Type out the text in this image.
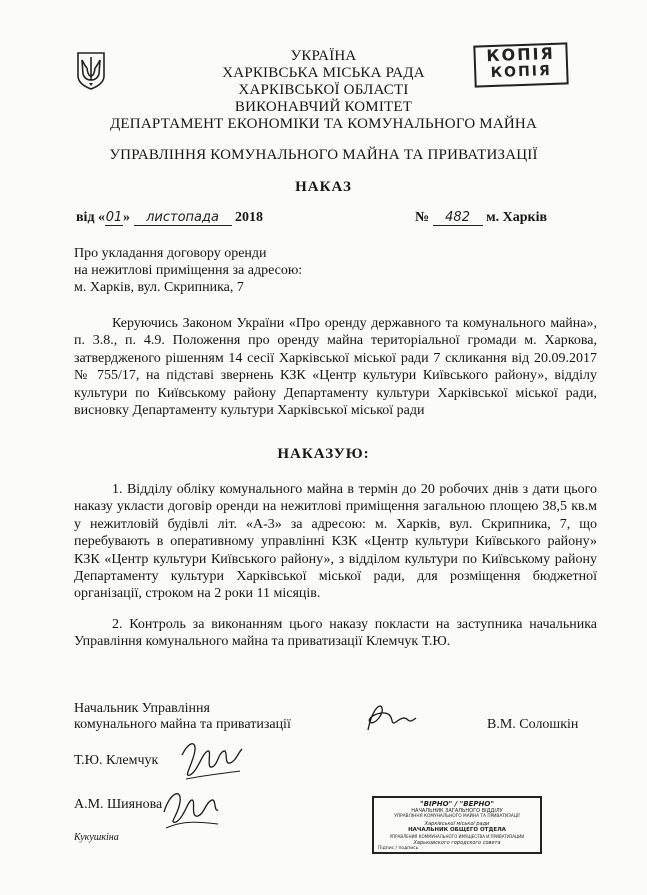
УКРАЇНА
ХАРКІВСЬКА МІСЬКА РАДА
ХАРКІВСЬКОЇ ОБЛАСТІ
ВИКОНАВЧИЙ КОМІТЕТ
ДЕПАРТАМЕНТ ЕКОНОМІКИ ТА КОМУНАЛЬНОГО МАЙНА
УПРАВЛІННЯ КОМУНАЛЬНОГО МАЙНА ТА ПРИВАТИЗАЦІЇ
КОПІЯ
КОПІЯ
НАКАЗ
від «01» листопада 2018	№ 482 м. Харків
Про укладання договору оренди
на нежитлові приміщення за адресою:
м. Харків, вул. Скрипника, 7
Керуючись Законом України «Про оренду державного та комунального майна», п. 3.8., п. 4.9. Положення про оренду майна територіальної громади м. Харкова, затвердженого рішенням 14 сесії Харківської міської ради 7 скликання від 20.09.2017 № 755/17, на підставі звернень КЗК «Центр культури Київського району», відділу культури по Київському району Департаменту культури Харківської міської ради, висновку Департаменту культури Харківської міської ради
НАКАЗУЮ:
1. Відділу обліку комунального майна в термін до 20 робочих днів з дати цього наказу укласти договір оренди на нежитлові приміщення загальною площею 38,5 кв.м у нежитловій будівлі літ. «А-3» за адресою: м. Харків, вул. Скрипника, 7, що перебувають в оперативному управлінні КЗК «Центр культури Київського району» КЗК «Центр культури Київського району», з відділом культури по Київському району Департаменту культури Харківської міської ради, для розміщення бюджетної організації, строком на 2 роки 11 місяців.
2. Контроль за виконанням цього наказу покласти на заступника начальника Управління комунального майна та приватизації Клемчук Т.Ю.
Начальник Управління
комунального майна та приватизації	В.М. Солошкін
Т.Ю. Клемчук
А.М. Шиянова
Кукушкіна
"ВІРНО" / "ВЕРНО"
НАЧАЛЬНИК ЗАГАЛЬНОГО ВІДДІЛУ
УПРАВЛІННЯ КОМУНАЛЬНОГО МАЙНА ТА ПРИВАТИЗАЦІЇ
Харківської міської ради
НАЧАЛЬНИК ОБЩЕГО ОТДЕЛА
УПРАВЛЕНИЯ КОММУНАЛЬНОГО ИМУЩЕСТВА И ПРИВАТИЗАЦИИ
Харьковского городского совета
Підпис / подпись
